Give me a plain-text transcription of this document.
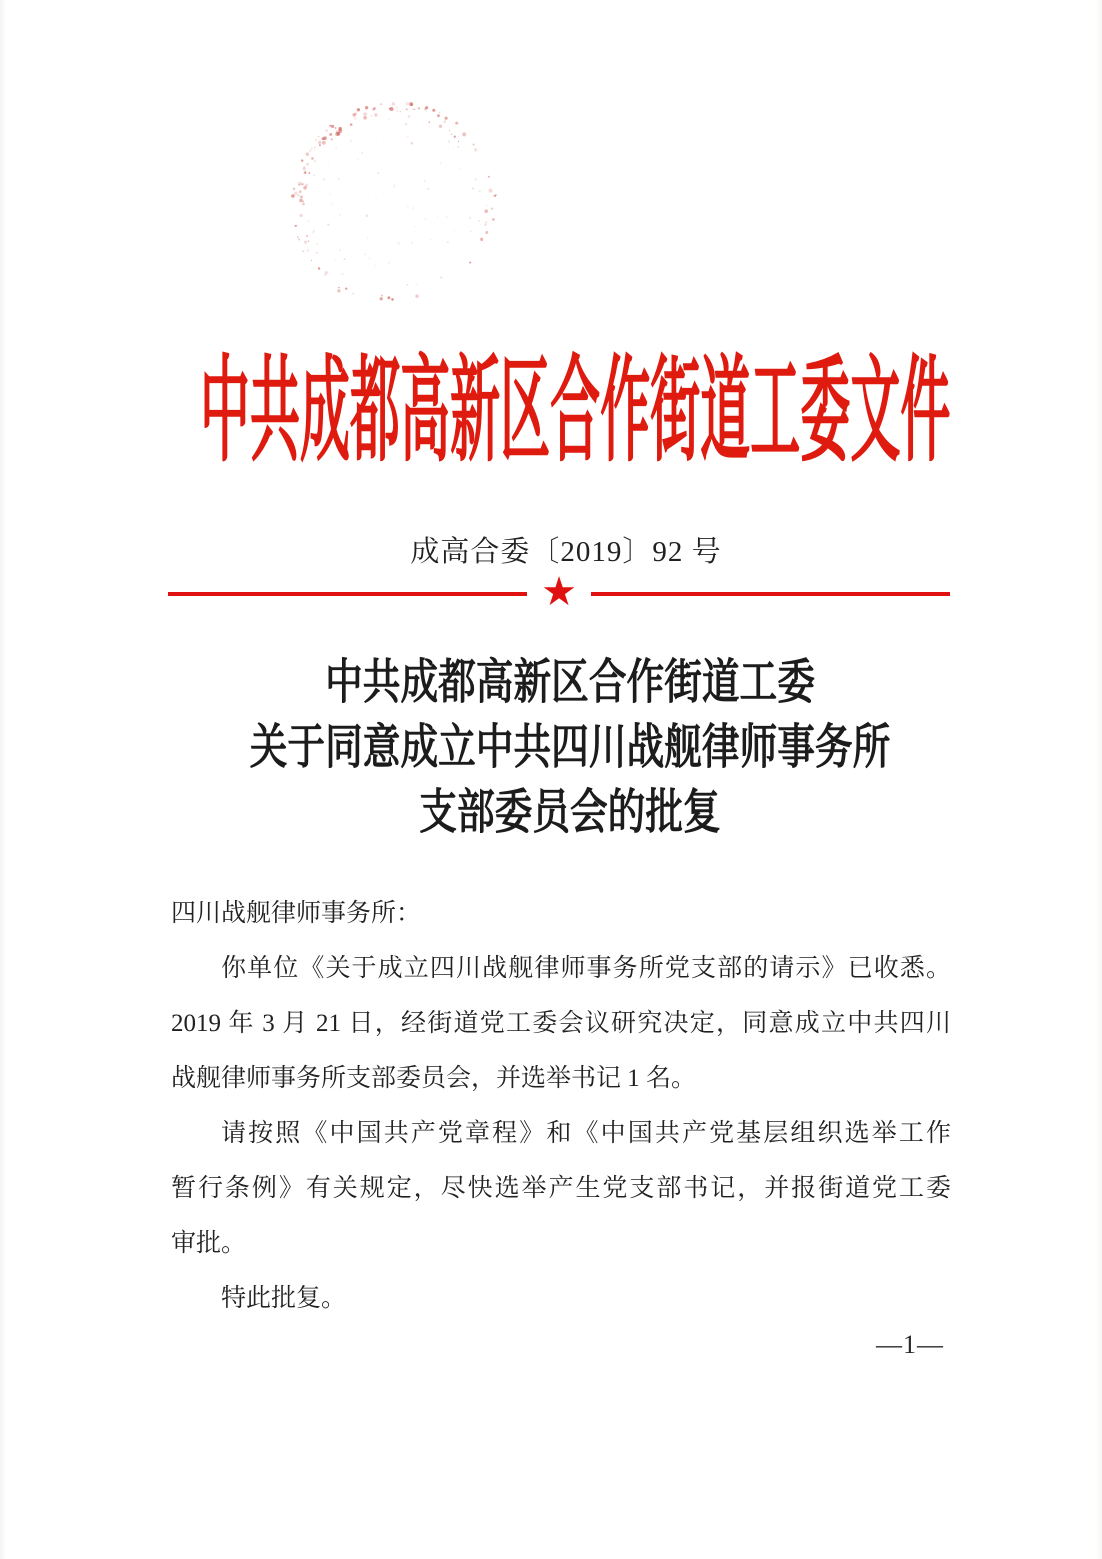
中共成都高新区合作街道工委文件
成高合委〔2019〕92 号
★
中共成都高新区合作街道工委
关于同意成立中共四川战舰律师事务所
支部委员会的批复
四川战舰律师事务所：
你单位《关于成立四川战舰律师事务所党支部的请示》已收悉。
2019 年 3 月 21 日，经街道党工委会议研究决定，同意成立中共四川
战舰律师事务所支部委员会，并选举书记 1 名。
请按照《中国共产党章程》和《中国共产党基层组织选举工作
暂行条例》有关规定，尽快选举产生党支部书记，并报街道党工委
审批。
特此批复。
—1—
